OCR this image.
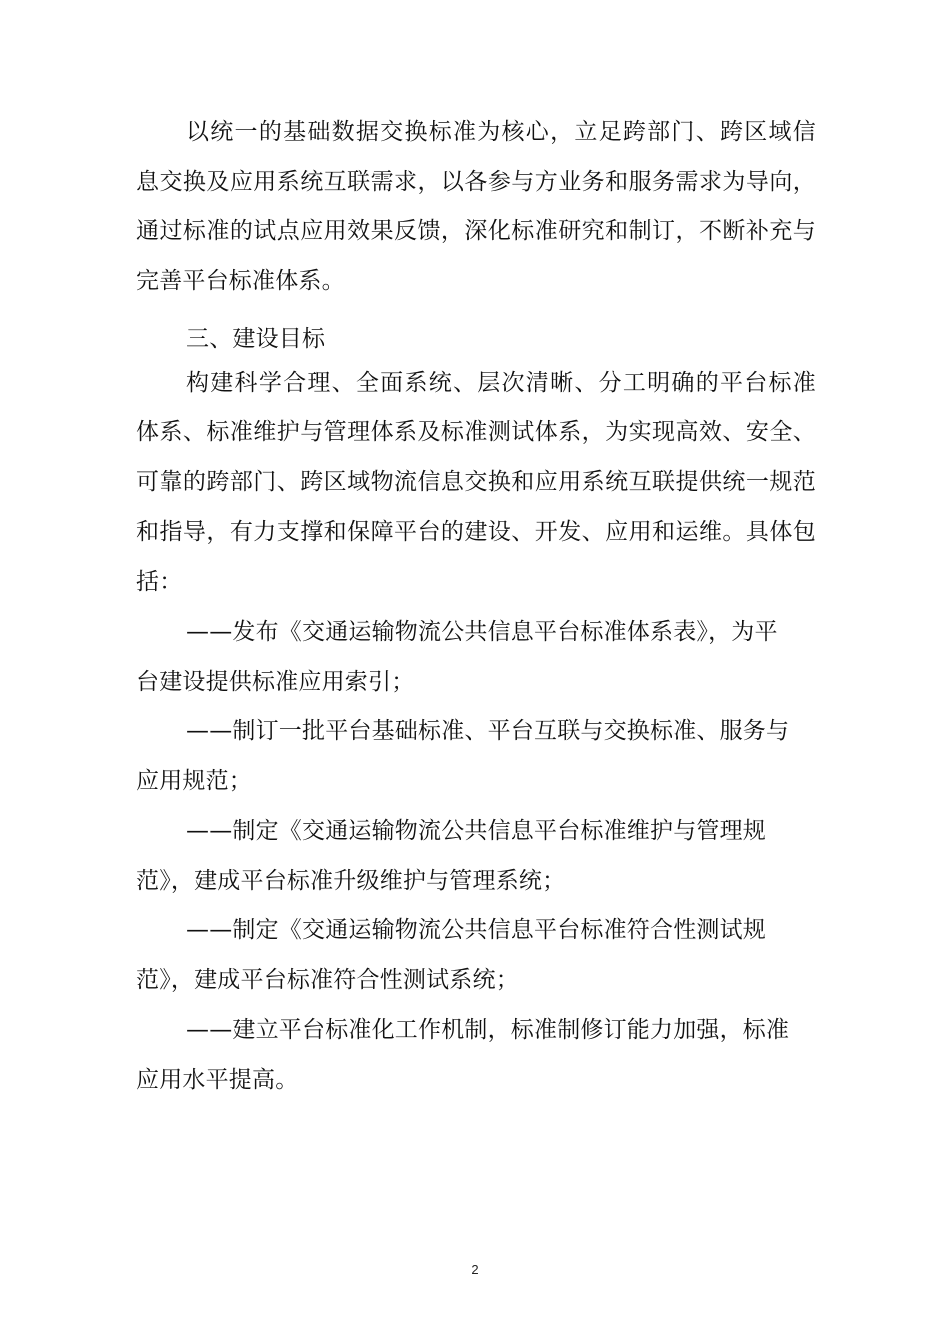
以统一的基础数据交换标准为核心，立足跨部门、跨区域信
息交换及应用系统互联需求，以各参与方业务和服务需求为导向，
通过标准的试点应用效果反馈，深化标准研究和制订，不断补充与
完善平台标准体系。
三、建设目标
构建科学合理、全面系统、层次清晰、分工明确的平台标准
体系、标准维护与管理体系及标准测试体系，为实现高效、安全、
可靠的跨部门、跨区域物流信息交换和应用系统互联提供统一规范
和指导，有力支撑和保障平台的建设、开发、应用和运维。具体包
括：
——发布《交通运输物流公共信息平台标准体系表》，为平
台建设提供标准应用索引；
——制订一批平台基础标准、平台互联与交换标准、服务与
应用规范；
——制定《交通运输物流公共信息平台标准维护与管理规
范》，建成平台标准升级维护与管理系统；
——制定《交通运输物流公共信息平台标准符合性测试规
范》，建成平台标准符合性测试系统；
——建立平台标准化工作机制，标准制修订能力加强，标准
应用水平提高。
2
